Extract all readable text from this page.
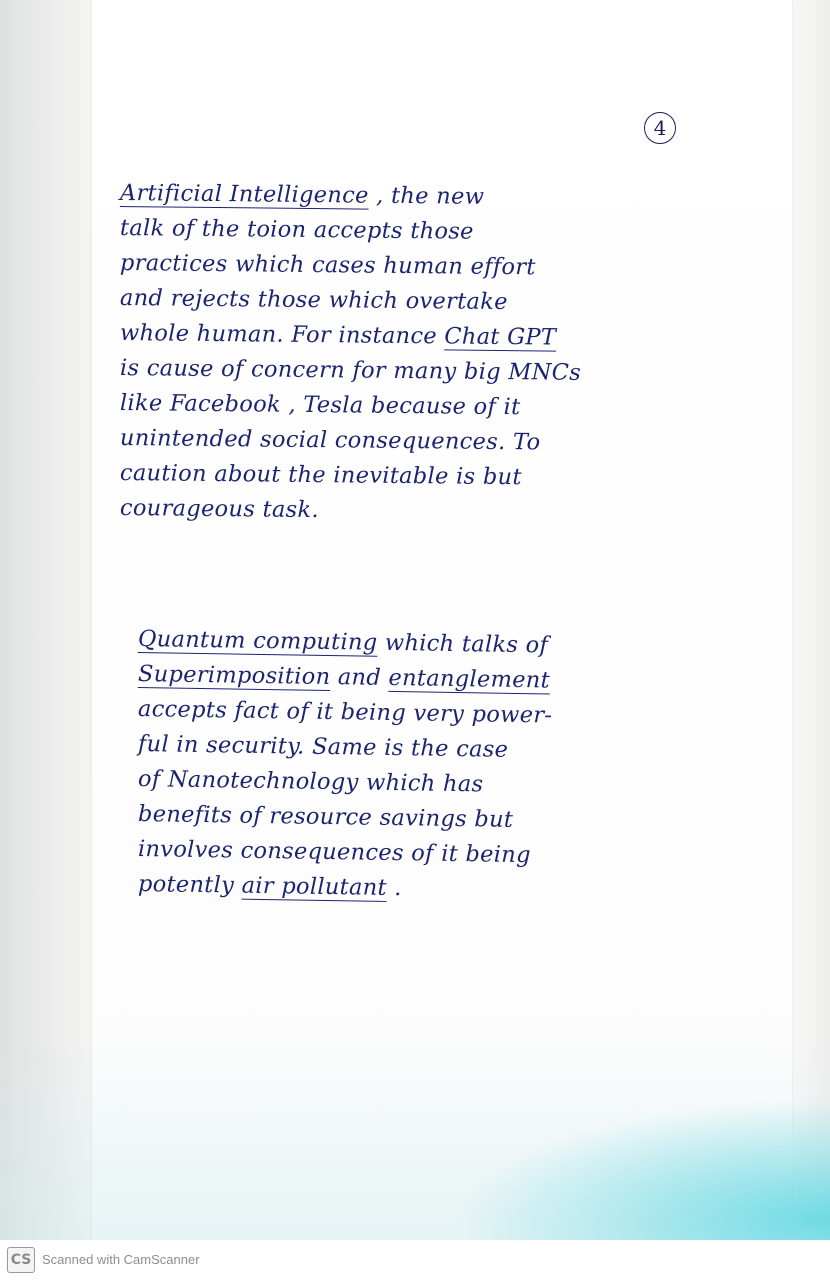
4
Artificial Intelligence , the new
talk of the toion accepts those
practices which cases human effort
and rejects those which overtake
whole human. For instance Chat GPT
is cause of concern for many big MNCs
like Facebook , Tesla because of it
unintended social consequences. To
caution about the inevitable is but
courageous task.
Quantum computing which talks of
Superimposition and entanglement
accepts fact of it being very power-
ful in security. Same is the case
of Nanotechnology which has
benefits of resource savings but
involves consequences of it being
potently air pollutant .
CS Scanned with CamScanner
